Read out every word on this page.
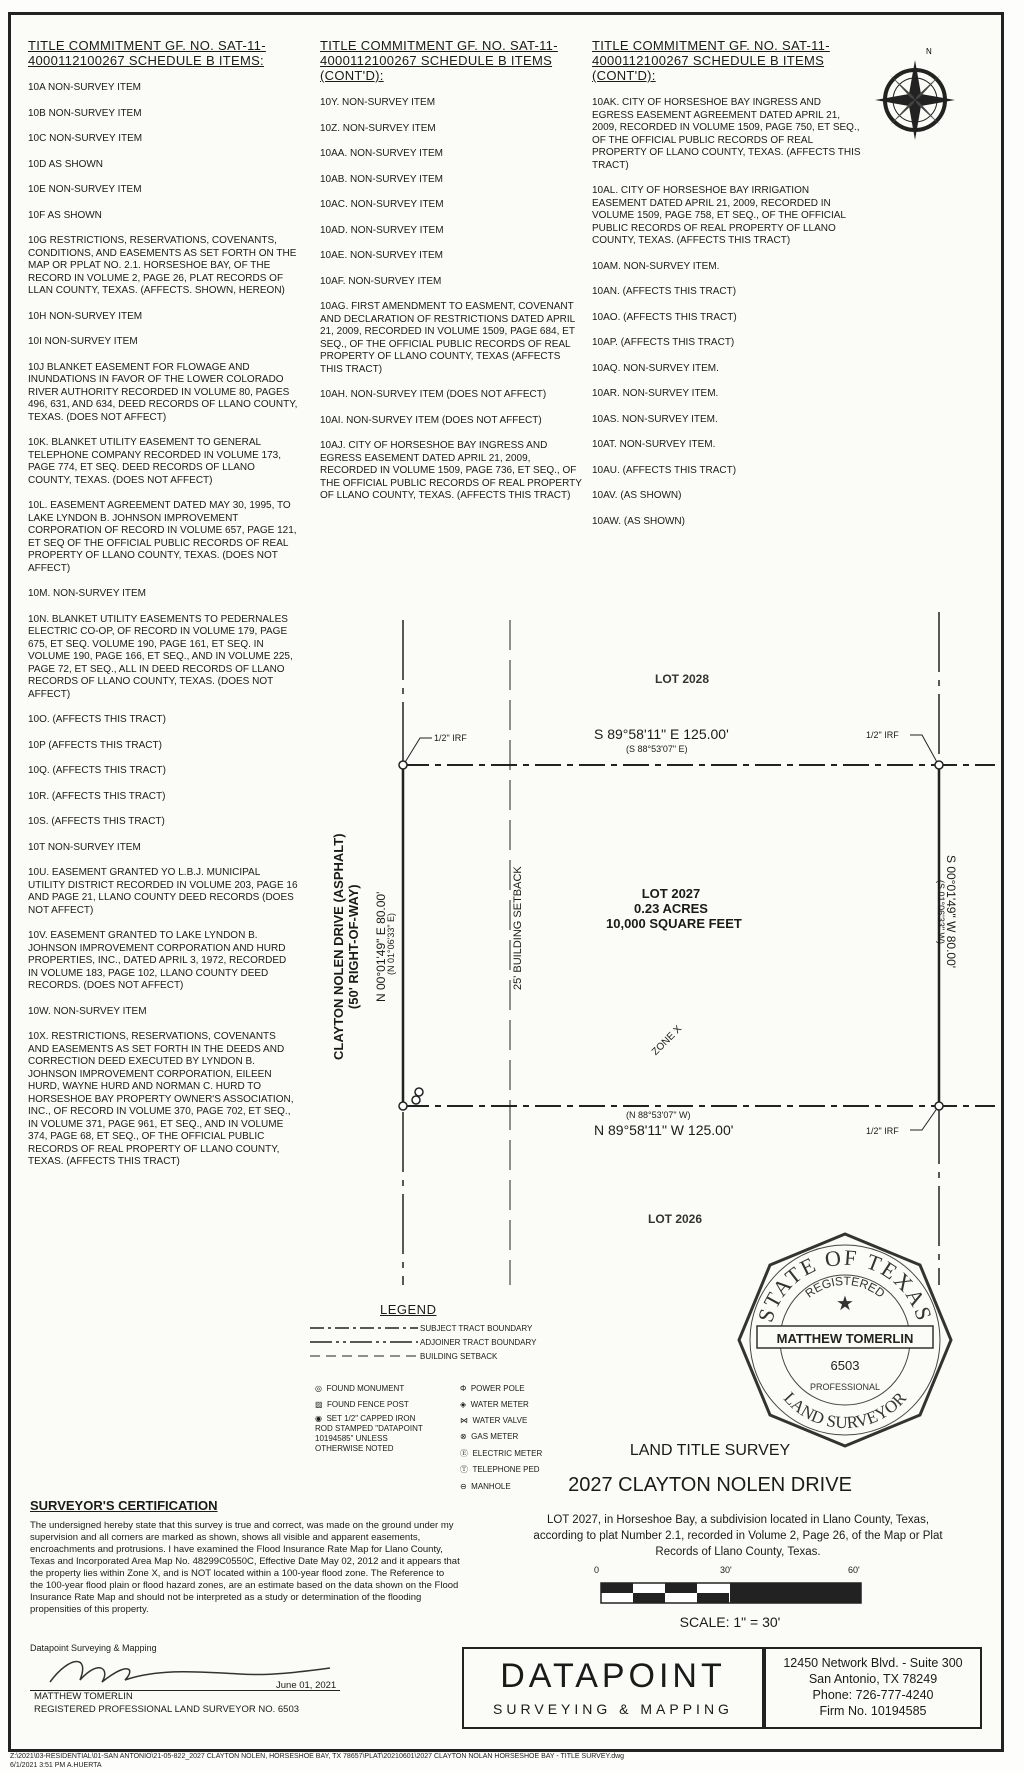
TITLE COMMITMENT GF. NO. SAT-11-4000112100267 SCHEDULE B ITEMS:
10A NON-SURVEY ITEM
10B NON-SURVEY ITEM
10C NON-SURVEY ITEM
10D AS SHOWN
10E NON-SURVEY ITEM
10F AS SHOWN
10G RESTRICTIONS, RESERVATIONS, COVENANTS, CONDITIONS, AND EASEMENTS AS SET FORTH ON THE MAP OR PPLAT NO. 2.1. HORSESHOE BAY, OF THE RECORD IN VOLUME 2, PAGE 26, PLAT RECORDS OF LLAN COUNTY, TEXAS. (AFFECTS. SHOWN, HEREON)
10H NON-SURVEY ITEM
10I NON-SURVEY ITEM
10J BLANKET EASEMENT FOR FLOWAGE AND INUNDATIONS IN FAVOR OF THE LOWER COLORADO RIVER AUTHORITY RECORDED IN VOLUME 80, PAGES 496, 631, AND 634, DEED RECORDS OF LLANO COUNTY, TEXAS. (DOES NOT AFFECT)
10K. BLANKET UTILITY EASEMENT TO GENERAL TELEPHONE COMPANY RECORDED IN VOLUME 173, PAGE 774, ET SEQ. DEED RECORDS OF LLANO COUNTY, TEXAS. (DOES NOT AFFECT)
10L. EASEMENT AGREEMENT DATED MAY 30, 1995, TO LAKE LYNDON B. JOHNSON IMPROVEMENT CORPORATION OF RECORD IN VOLUME 657, PAGE 121, ET SEQ OF THE OFFICIAL PUBLIC RECORDS OF REAL PROPERTY OF LLANO COUNTY, TEXAS. (DOES NOT AFFECT)
10M. NON-SURVEY ITEM
10N. BLANKET UTILITY EASEMENTS TO PEDERNALES ELECTRIC CO-OP, OF RECORD IN VOLUME 179, PAGE 675, ET SEQ. VOLUME 190, PAGE 161, ET SEQ. IN VOLUME 190, PAGE 166, ET SEQ., AND IN VOLUME 225, PAGE 72, ET SEQ., ALL IN DEED RECORDS OF LLANO RECORDS OF LLANO COUNTY, TEXAS. (DOES NOT AFFECT)
10O. (AFFECTS THIS TRACT)
10P (AFFECTS THIS TRACT)
10Q. (AFFECTS THIS TRACT)
10R. (AFFECTS THIS TRACT)
10S. (AFFECTS THIS TRACT)
10T NON-SURVEY ITEM
10U. EASEMENT GRANTED YO L.B.J. MUNICIPAL UTILITY DISTRICT RECORDED IN VOLUME 203, PAGE 16 AND PAGE 21, LLANO COUNTY DEED RECORDS (DOES NOT AFFECT)
10V. EASEMENT GRANTED TO LAKE LYNDON B. JOHNSON IMPROVEMENT CORPORATION AND HURD PROPERTIES, INC., DATED APRIL 3, 1972, RECORDED IN VOLUME 183, PAGE 102, LLANO COUNTY DEED RECORDS. (DOES NOT AFFECT)
10W. NON-SURVEY ITEM
10X. RESTRICTIONS, RESERVATIONS, COVENANTS AND EASEMENTS AS SET FORTH IN THE DEEDS AND CORRECTION DEED EXECUTED BY LYNDON B. JOHNSON IMPROVEMENT CORPORATION, EILEEN HURD, WAYNE HURD AND NORMAN C. HURD TO HORSESHOE BAY PROPERTY OWNER'S ASSOCIATION, INC., OF RECORD IN VOLUME 370, PAGE 702, ET SEQ., IN VOLUME 371, PAGE 961, ET SEQ., AND IN VOLUME 374, PAGE 68, ET SEQ., OF THE OFFICIAL PUBLIC RECORDS OF REAL PROPERTY OF LLANO COUNTY, TEXAS. (AFFECTS THIS TRACT)
TITLE COMMITMENT GF. NO. SAT-11-4000112100267 SCHEDULE B ITEMS (CONT'D):
10Y. NON-SURVEY ITEM
10Z. NON-SURVEY ITEM
10AA. NON-SURVEY ITEM
10AB. NON-SURVEY ITEM
10AC. NON-SURVEY ITEM
10AD. NON-SURVEY ITEM
10AE. NON-SURVEY ITEM
10AF. NON-SURVEY ITEM
10AG. FIRST AMENDMENT TO EASMENT, COVENANT AND DECLARATION OF RESTRICTIONS DATED APRIL 21, 2009, RECORDED IN VOLUME 1509, PAGE 684, ET SEQ., OF THE OFFICIAL PUBLIC RECORDS OF REAL PROPERTY OF LLANO COUNTY, TEXAS (AFFECTS THIS TRACT)
10AH. NON-SURVEY ITEM (DOES NOT AFFECT)
10AI. NON-SURVEY ITEM (DOES NOT AFFECT)
10AJ. CITY OF HORSESHOE BAY INGRESS AND EGRESS EASEMENT DATED APRIL 21, 2009, RECORDED IN VOLUME 1509, PAGE 736, ET SEQ., OF THE OFFICIAL PUBLIC RECORDS OF REAL PROPERTY OF LLANO COUNTY, TEXAS. (AFFECTS THIS TRACT)
TITLE COMMITMENT GF. NO. SAT-11-4000112100267 SCHEDULE B ITEMS (CONT'D):
10AK. CITY OF HORSESHOE BAY INGRESS AND EGRESS EASEMENT AGREEMENT DATED APRIL 21, 2009, RECORDED IN VOLUME 1509, PAGE 750, ET SEQ., OF THE OFFICIAL PUBLIC RECORDS OF REAL PROPERTY OF LLANO COUNTY, TEXAS. (AFFECTS THIS TRACT)
10AL. CITY OF HORSESHOE BAY IRRIGATION EASEMENT DATED APRIL 21, 2009, RECORDED IN VOLUME 1509, PAGE 758, ET SEQ., OF THE OFFICIAL PUBLIC RECORDS OF REAL PROPERTY OF LLANO COUNTY, TEXAS. (AFFECTS THIS TRACT)
10AM. NON-SURVEY ITEM.
10AN. (AFFECTS THIS TRACT)
10AO. (AFFECTS THIS TRACT)
10AP. (AFFECTS THIS TRACT)
10AQ. NON-SURVEY ITEM.
10AR. NON-SURVEY ITEM.
10AS. NON-SURVEY ITEM.
10AT. NON-SURVEY ITEM.
10AU. (AFFECTS THIS TRACT)
10AV. (AS SHOWN)
10AW. (AS SHOWN)
N
LOT 2028
LOT 2026
S 89°58'11" E 125.00'
(S 88°53'07" E)
(N 88°53'07" W)
N 89°58'11" W 125.00'
1/2" IRF	1/2" IRF
1/2" IRF
LOT 2027
0.23 ACRES
10,000 SQUARE FEET
ZONE X
25' BUILDING SETBACK
CLAYTON NOLEN DRIVE (ASPHALT) (50' RIGHT-OF-WAY) N 00°01'49" E 80.00'
(N 01°06'33" E)	S 00°01'49" W 80.00'
(S 01°06'33" W)
LEGEND
SUBJECT TRACT BOUNDARY
ADJOINER TRACT BOUNDARY
BUILDING SETBACK
◎ FOUND MONUMENT
▨ FOUND FENCE POST
◉ SET 1/2" CAPPED IRON ROD STAMPED "DATAPOINT 10194585" UNLESS OTHERWISE NOTED
Φ POWER POLE
◈ WATER METER
⋈ WATER VALVE
⊗ GAS METER
Ⓔ ELECTRIC METER
Ⓣ TELEPHONE PED
⊖ MANHOLE
STATE OF TEXAS
REGISTERED
★
MATTHEW TOMERLIN
6503
PROFESSIONAL
LAND SURVEYOR
LAND TITLE SURVEY
2027 CLAYTON NOLEN DRIVE
LOT 2027, in Horseshoe Bay, a subdivision located in Llano County, Texas, according to plat Number 2.1, recorded in Volume 2, Page 26, of the Map or Plat Records of Llano County, Texas.
0	30'	60'
SCALE: 1" = 30'
SURVEYOR'S CERTIFICATION
The undersigned hereby state that this survey is true and correct, was made on the ground under my supervision and all corners are marked as shown, shows all visible and apparent easements, encroachments and protrusions. I have examined the Flood Insurance Rate Map for Llano County, Texas and Incorporated Area Map No. 48299C0550C, Effective Date May 02, 2012 and it appears that the property lies within Zone X, and is NOT located within a 100-year flood zone. The Reference to the 100-year flood plain or flood hazard zones, are an estimate based on the data shown on the Flood Insurance Rate Map and should not be interpreted as a study or determination of the flooding propensities of this property.
Datapoint Surveying & Mapping
June 01, 2021
MATTHEW TOMERLIN
REGISTERED PROFESSIONAL LAND SURVEYOR NO. 6503
DATAPOINT
SURVEYING & MAPPING
12450 Network Blvd. - Suite 300
San Antonio, TX 78249
Phone: 726-777-4240
Firm No. 10194585
Z:\2021\03-RESIDENTIAL\01-SAN ANTONIO\21-05-822_2027 CLAYTON NOLEN, HORSESHOE BAY, TX 78657\PLAT\20210601\2027 CLAYTON NOLAN HORSESHOE BAY - TITLE SURVEY.dwg
6/1/2021 3:51 PM A.HUERTA
